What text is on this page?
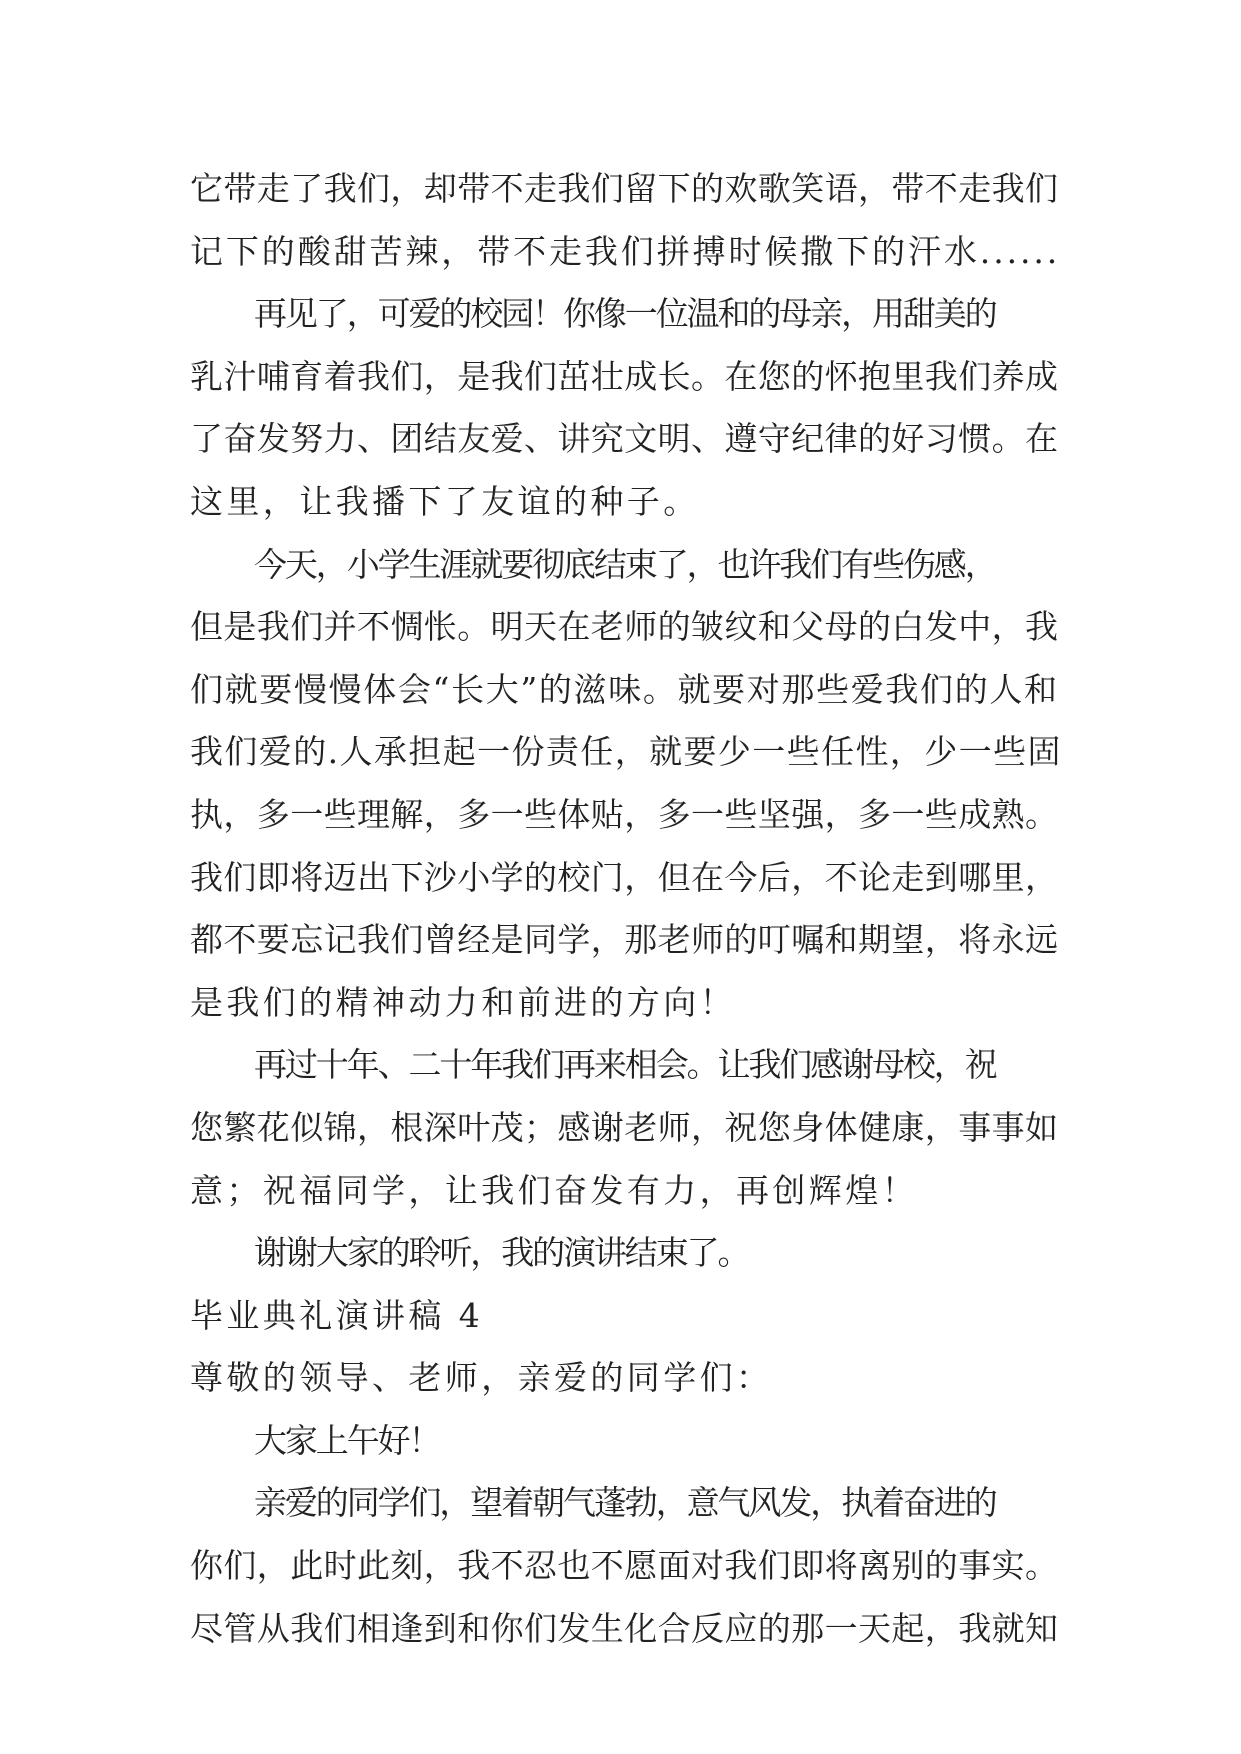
它带走了我们，却带不走我们留下的欢歌笑语，带不走我们
记下的酸甜苦辣，带不走我们拼搏时候撒下的汗水......
再见了，可爱的校园！你像一位温和的母亲，用甜美的
乳汁哺育着我们，是我们茁壮成长。在您的怀抱里我们养成
了奋发努力、团结友爱、讲究文明、遵守纪律的好习惯。在
这里，让我播下了友谊的种子。
今天，小学生涯就要彻底结束了，也许我们有些伤感，
但是我们并不惆怅。明天在老师的皱纹和父母的白发中，我
们就要慢慢体会“长大”的滋味。就要对那些爱我们的人和
我们爱的.人承担起一份责任，就要少一些任性，少一些固
执，多一些理解，多一些体贴，多一些坚强，多一些成熟。
我们即将迈出下沙小学的校门，但在今后，不论走到哪里，
都不要忘记我们曾经是同学，那老师的叮嘱和期望，将永远
是我们的精神动力和前进的方向！
再过十年、二十年我们再来相会。让我们感谢母校，祝
您繁花似锦，根深叶茂；感谢老师，祝您身体健康，事事如
意；祝福同学，让我们奋发有力，再创辉煌！
谢谢大家的聆听，我的演讲结束了。
毕业典礼演讲稿 4
尊敬的领导、老师，亲爱的同学们：
大家上午好！
亲爱的同学们，望着朝气蓬勃，意气风发，执着奋进的
你们，此时此刻，我不忍也不愿面对我们即将离别的事实。
尽管从我们相逢到和你们发生化合反应的那一天起，我就知
